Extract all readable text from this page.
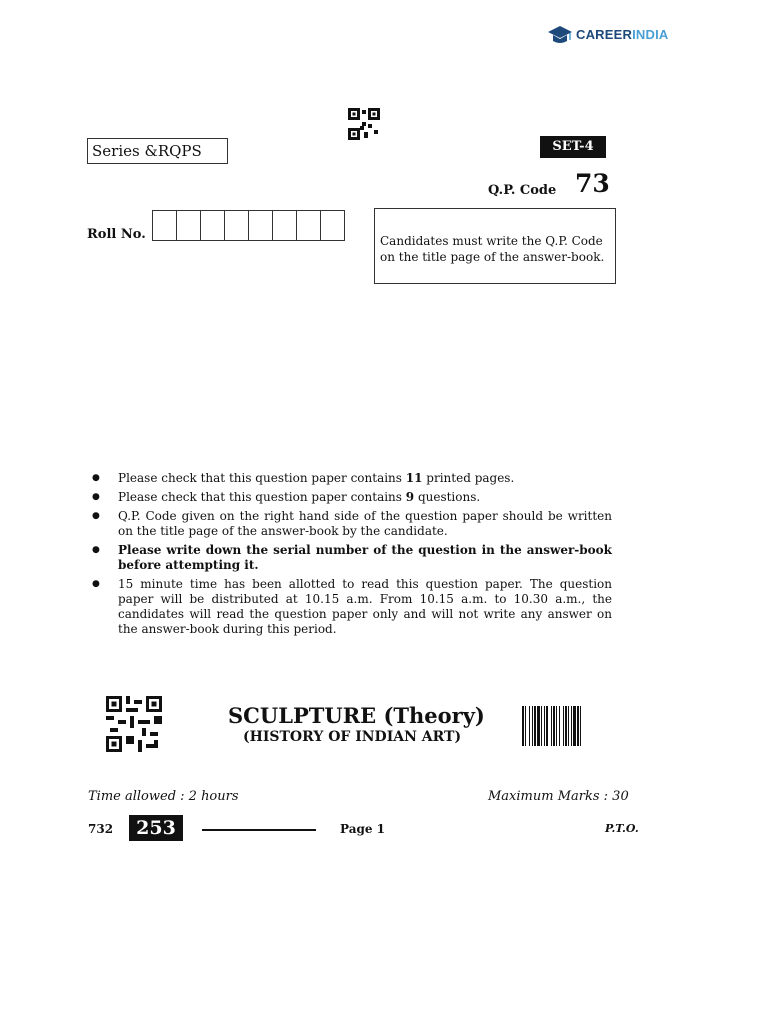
CAREERINDIA
Series &RQPS	SET-4
Q.P. Code 73
Roll No.	Candidates must write the Q.P. Code on the title page of the answer-book.
● Please check that this question paper contains 11 printed pages.
● Please check that this question paper contains 9 questions.
● Q.P. Code given on the right hand side of the question paper should be written on the title page of the answer-book by the candidate.
● Please write down the serial number of the question in the answer-book before attempting it.
● 15 minute time has been allotted to read this question paper. The question paper will be distributed at 10.15 a.m. From 10.15 a.m. to 10.30 a.m., the candidates will read the question paper only and will not write any answer on the answer-book during this period.
SCULPTURE (Theory)
(HISTORY OF INDIAN ART)
Time allowed : 2 hours	Maximum Marks : 30
732	253	Page 1	P.T.O.
